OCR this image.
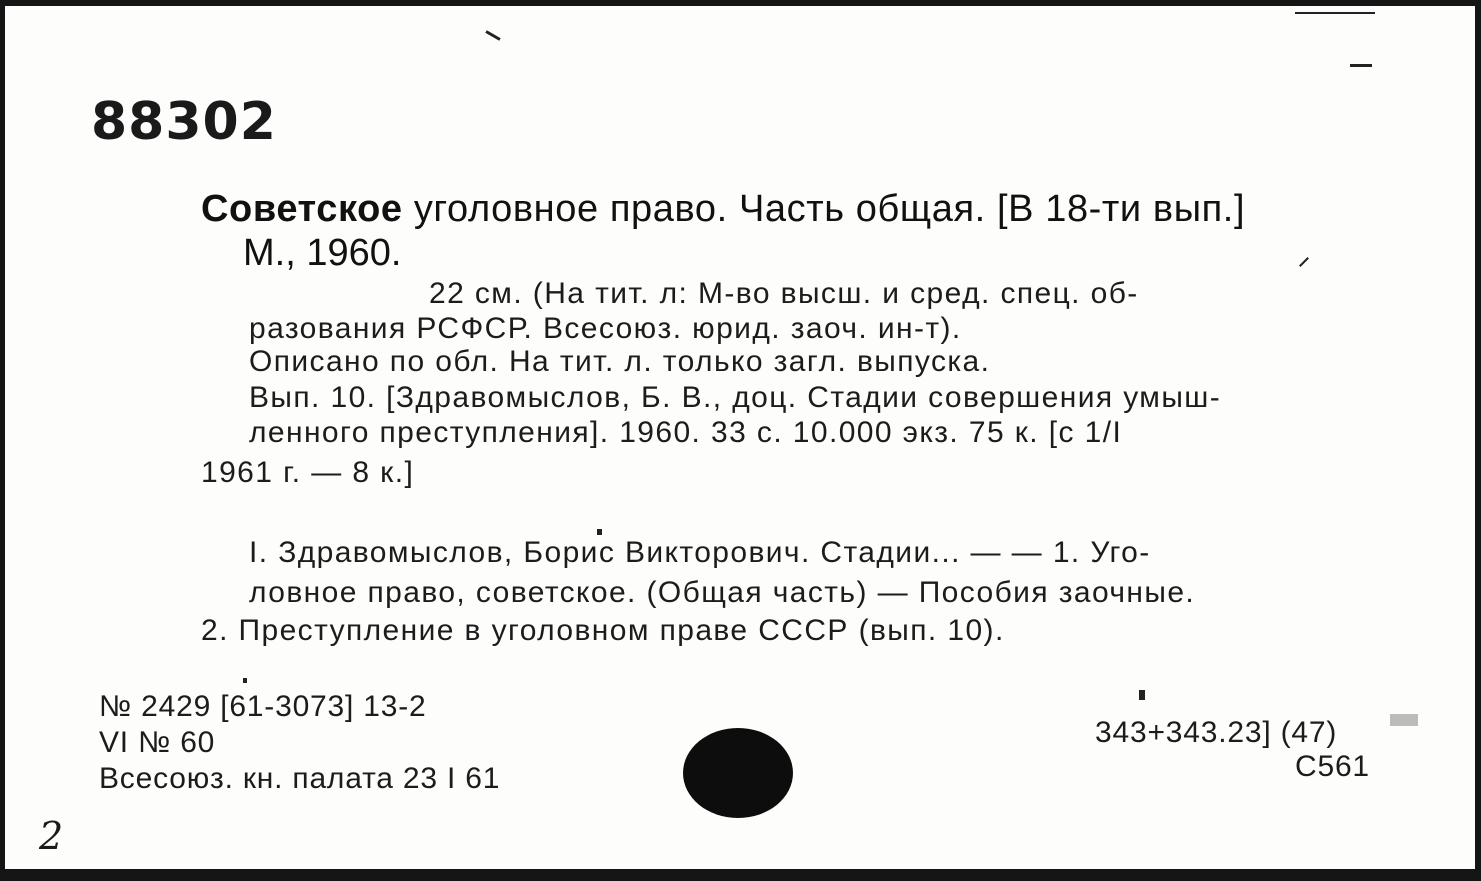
88302
Советское уголовное право. Часть общая. [В 18-ти вып.]
М., 1960.
22 см. (На тит. л: М-во высш. и сред. спец. об-
разования РСФСР. Всесоюз. юрид. заоч. ин-т).
Описано по обл. На тит. л. только загл. выпуска.
Вып. 10. [Здравомыслов, Б. В., доц. Стадии совершения умыш-
ленного преступления]. 1960. 33 с. 10.000 экз. 75 к. [с 1/I
1961 г. — 8 к.]
I. Здравомыслов, Борис Викторович. Стадии... — — 1. Уго-
ловное право, советское. (Общая часть) — Пособия заочные.
2. Преступление в уголовном праве СССР (вып. 10).
№ 2429 [61-3073] 13-2
VI № 60
Всесоюз. кн. палата 23 I 61
343+343.23] (47)
С561
2
